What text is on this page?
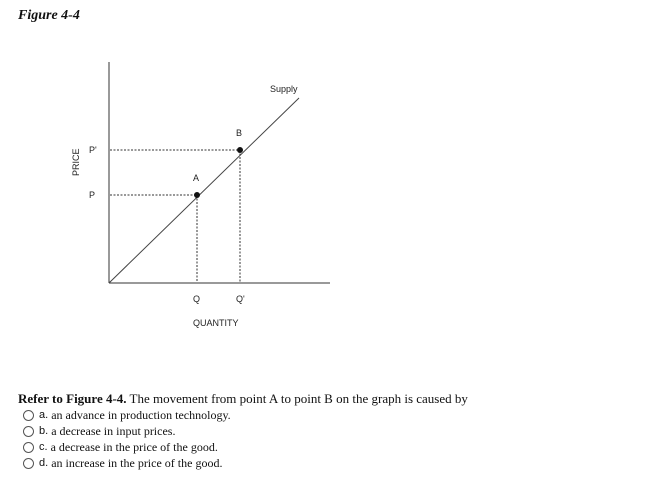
Figure 4-4
Supply
A
B
P'
P
Q	Q'
QUANTITY
PRICE

Refer to Figure 4-4. The movement from point A to point B on the graph is caused by

a. an advance in production technology.
b. a decrease in input prices.
c. a decrease in the price of the good.
d. an increase in the price of the good.
